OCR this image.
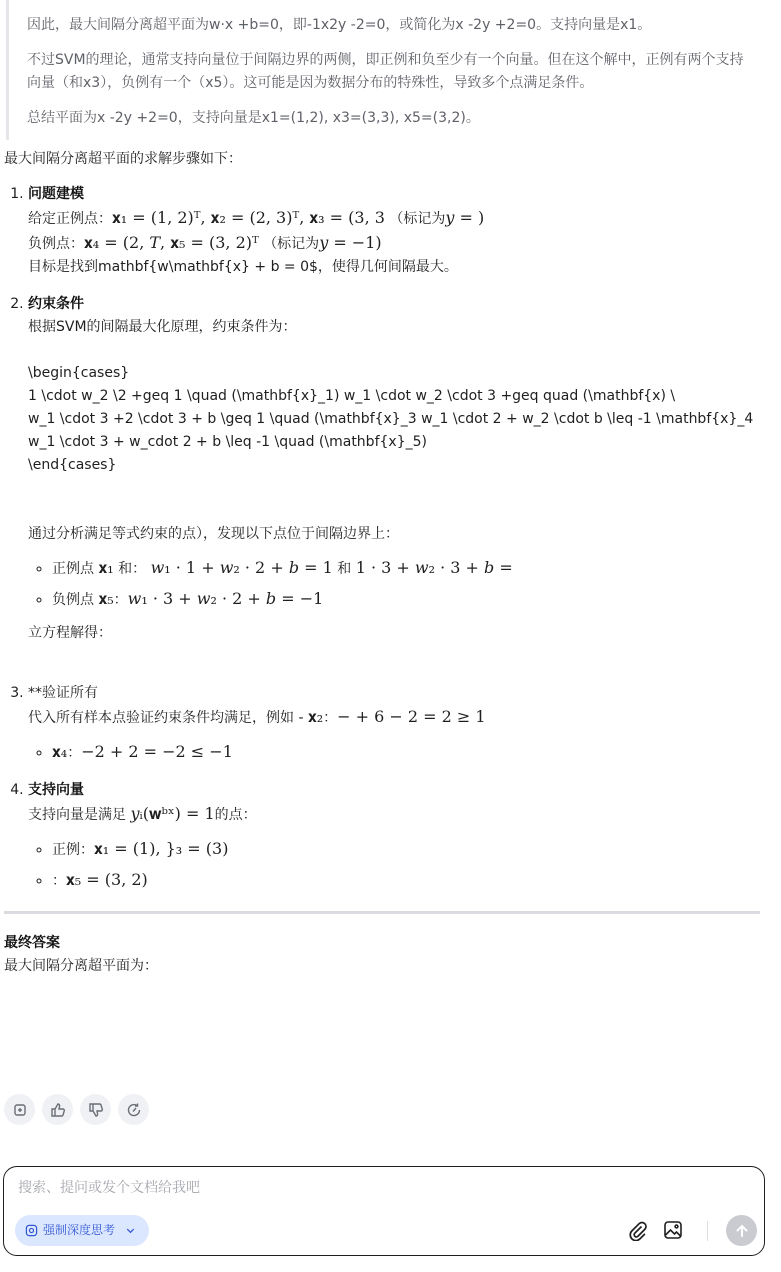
因此，最大间隔分离超平面为w·x +b=0，即-1x2y -2=0，或简化为x -2y +2=0。支持向量是x1。

不过SVM的理论，通常支持向量位于间隔边界的两侧，即正例和负至少有一个向量。但在这个解中，正例有两个支持向量（和x3），负例有一个（x5）。这可能是因为数据分布的特殊性，导致多个点满足条件。

总结平面为x -2y +2=0，支持向量是x1=(1,2), x3=(3,3), x5=(3,2)。

最大间隔分离超平面的求解步骤如下：

1. 问题建模
给定正例点：𝐱₁ = (1, 2)ᵀ, 𝐱₂ = (2, 3)ᵀ, 𝐱₃ = (3, 3 （标记为𝑦 = )
负例点：𝐱₄ = (2, 𝑇, 𝐱₅ = (3, 2)ᵀ （标记为𝑦 = −1)
目标是找到mathbf{w\mathbf{x} + b = 0$，使得几何间隔最大。
2. 约束条件
根据SVM的间隔最大化原理，约束条件为：
\begin{cases}
1 \cdot w_2 \2 +geq 1 \quad (\mathbf{x}_1) w_1 \cdot w_2 \cdot 3 +geq quad (\mathbf{x) \
w_1 \cdot 3 +2 \cdot 3 + b \geq 1 \quad (\mathbf{x}_3 w_1 \cdot 2 + w_2 \cdot b \leq -1 \mathbf{x}_4
w_1 \cdot 3 + w_cdot 2 + b \leq -1 \quad (\mathbf{x}_5)
\end{cases}
通过分析满足等式约束的点），发现以下点位于间隔边界上：
◦ 正例点 𝐱₁ 和： 𝑤₁ · 1 + 𝑤₂ · 2 + 𝑏 = 1 和 1 · 3 + 𝑤₂ · 3 + 𝑏 =
◦ 负例点 𝐱₅：𝑤₁ · 3 + 𝑤₂ · 2 + 𝑏 = −1
立方程解得：
3. **验证所有
代入所有样本点验证约束条件均满足，例如 - 𝐱₂：− + 6 − 2 = 2 ≥ 1
◦ 𝐱₄：−2 + 2 = −2 ≤ −1
4. 支持向量
支持向量是满足 𝑦ᵢ(𝐰ᵇˣ) = 1的点：
◦ 正例：𝐱₁ = (1), }₃ = (3)
◦ ：𝐱₅ = (3, 2)

最终答案

最大间隔分离超平面为：

搜索、提问或发个文档给我吧
强制深度思考
